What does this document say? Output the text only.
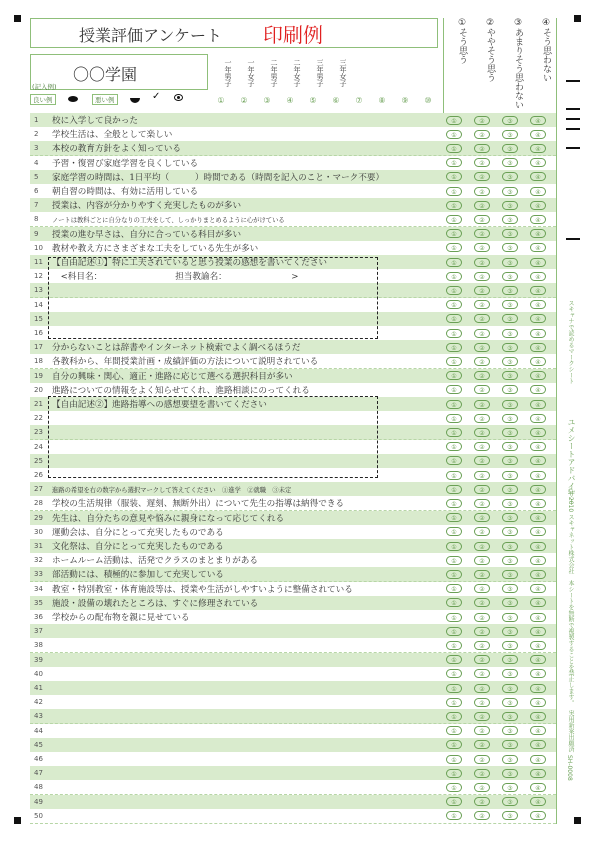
授業評価アンケート 印刷例
〇〇学園
(記入例)
良い例	悪い例	✓
一年男子	一年女子	二年男子	二年女子	三年男子	三年女子
①	②	③	④	⑤	⑥	⑦	⑧	⑨	⑩
①そう思う ②ややそう思う ③あまりそう思わない ④そう思わない
1	校に入学して良かった	①	②	③	④
2	学校生活は、全般として楽しい	①	②	③	④
3	本校の教育方針をよく知っている	①	②	③	④
4	予習・復習び家庭学習を良くしている	①	②	③	④
5	家庭学習の時間は、1日平均（　　　）時間である（時間を記入のこと・マーク不要）	①	②	③	④
6	朝自習の時間は、有効に活用している	①	②	③	④
7	授業は、内容が分かりやすく充実したものが多い	①	②	③	④
8	ノートは教科ごとに自分なりの工夫をして、しっかりまとめるように心がけている	①	②	③	④
9	授業の進む早さは、自分に合っている科目が多い	①	②	③	④
10	教材や教え方にさまざまな工夫をしている先生が多い	①	②	③	④
11	【自由記述①】特に工夫されていると思う授業の感想を書いてください	①	②	③	④
12	　<科目名：　　　　　　　　　担当教諭名：　　　　　　　　>	①	②	③	④
13	①	②	③	④
14	①	②	③	④
15	①	②	③	④
16	①	②	③	④
17	分からないことは辞書やインターネット検索でよく調べるほうだ	①	②	③	④
18	各教科から、年間授業計画・成績評価の方法について説明されている	①	②	③	④
19	自分の興味・関心、適正・進路に応じて選べる選択科目が多い	①	②	③	④
20	進路についての情報をよく知らせてくれ、進路相談にのってくれる	①	②	③	④
21	【自由記述②】進路指導への感想要望を書いてください	①	②	③	④
22	①	②	③	④
23	①	②	③	④
24	①	②	③	④
25	①	②	③	④
26	①	②	③	④
27	進路の希望を右の数字から選択マークして答えてください　①進学　②就職　③未定	①	②	③	④
28	学校の生活規律（服装、遅刻、無断外出）について先生の指導は納得できる	①	②	③	④
29	先生は、自分たちの意見や悩みに親身になって応じてくれる	①	②	③	④
30	運動会は、自分にとって充実したものである	①	②	③	④
31	文化祭は、自分にとって充実したものである	①	②	③	④
32	ホームルーム活動は、活発でクラスのまとまりがある	①	②	③	④
33	部活動には、積極的に参加して充実している	①	②	③	④
34	教室・特別教室・体育施設等は、授業や生活がしやすいように整備されている	①	②	③	④
35	施設・設備の壊れたところは、すぐに修理されている	①	②	③	④
36	学校からの配布物を親に見せている	①	②	③	④
37	①	②	③	④
38	①	②	③	④
39	①	②	③	④
40	①	②	③	④
41	①	②	③	④
42	①	②	③	④
43	①	②	③	④
44	①	②	③	④
45	①	②	③	④
46	①	②	③	④
47	①	②	③	④
48	①	②	③	④
49	①	②	③	④
50	①	②	③	④
スキャナで読めるマークシート
ユメシートアドバイザー
© 2010 スキャネット株式会社
本シートを無断で複製することを禁止します。
実用新案出願済
SH-0008
